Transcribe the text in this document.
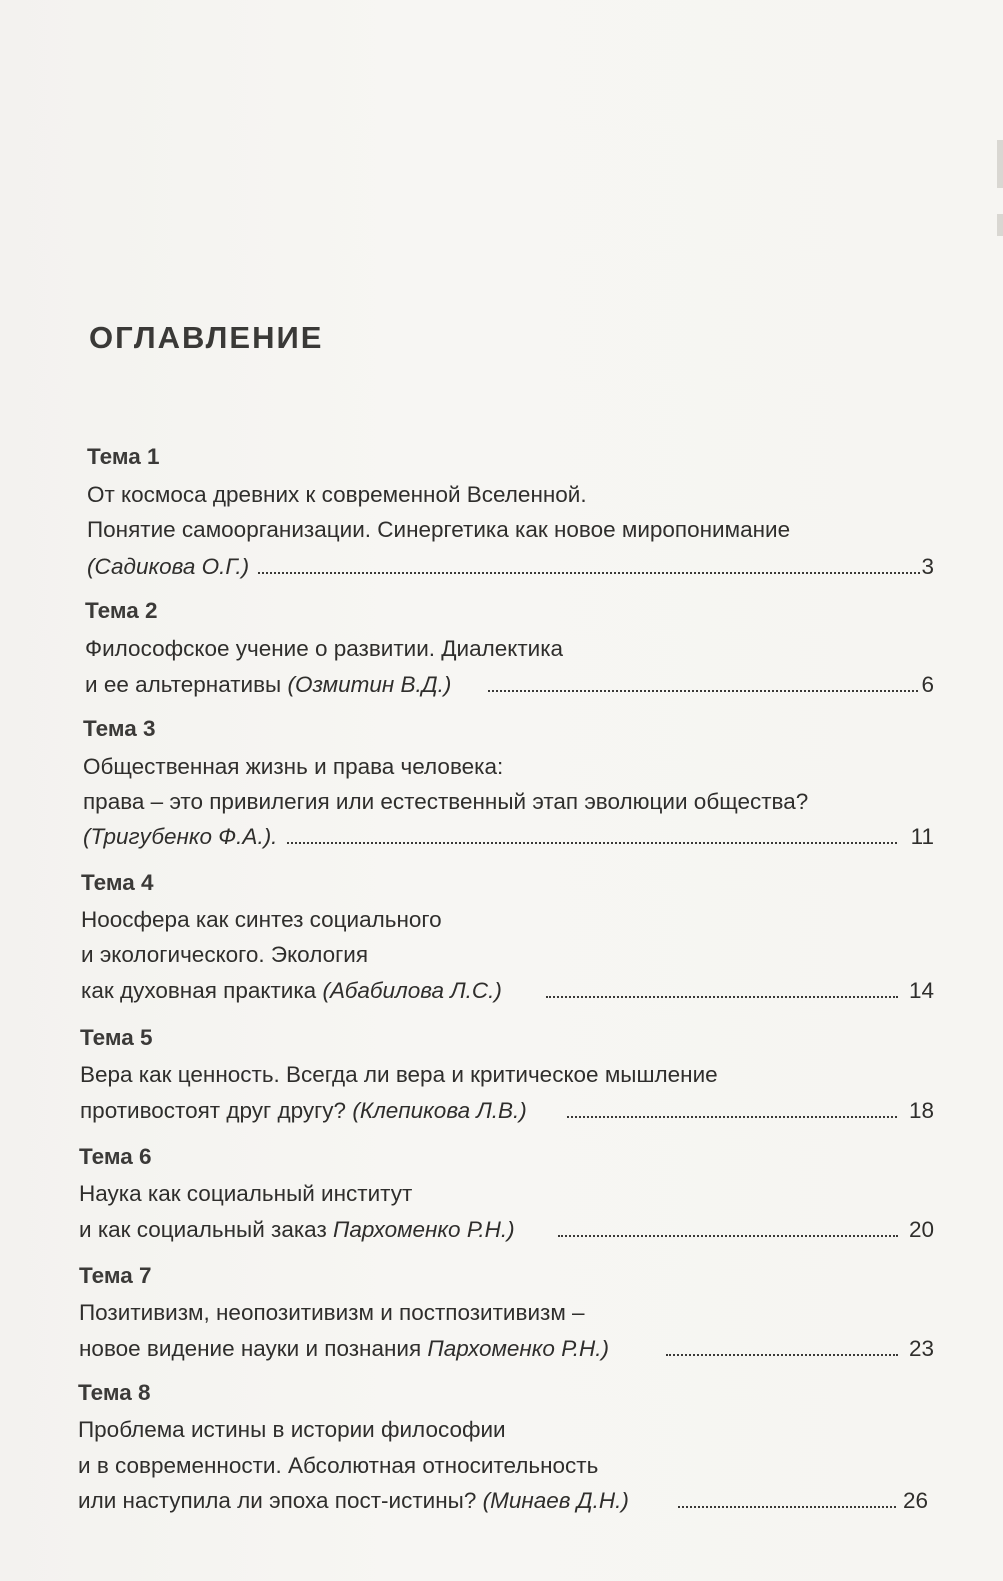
ОГЛАВЛЕНИЕ
Тема 1
От космоса древних к современной Вселенной.
Понятие самоорганизации. Синергетика как новое миропонимание
(Садикова О.Г.)	3
Тема 2
Философское учение о развитии. Диалектика
и ее альтернативы (Озмитин В.Д.)	6
Тема 3
Общественная жизнь и права человека:
права – это привилегия или естественный этап эволюции общества?
(Тригубенко Ф.А.).	11
Тема 4
Ноосфера как синтез социального
и экологического. Экология
как духовная практика (Абабилова Л.С.)	14
Тема 5
Вера как ценность. Всегда ли вера и критическое мышление
противостоят друг другу? (Клепикова Л.В.)	18
Тема 6
Наука как социальный институт
и как социальный заказ Пархоменко Р.Н.)	20
Тема 7
Позитивизм, неопозитивизм и постпозитивизм –
новое видение науки и познания Пархоменко Р.Н.)	23
Тема 8
Проблема истины в истории философии
и в современности. Абсолютная относительность
или наступила ли эпоха пост-истины? (Минаев Д.Н.)	26
